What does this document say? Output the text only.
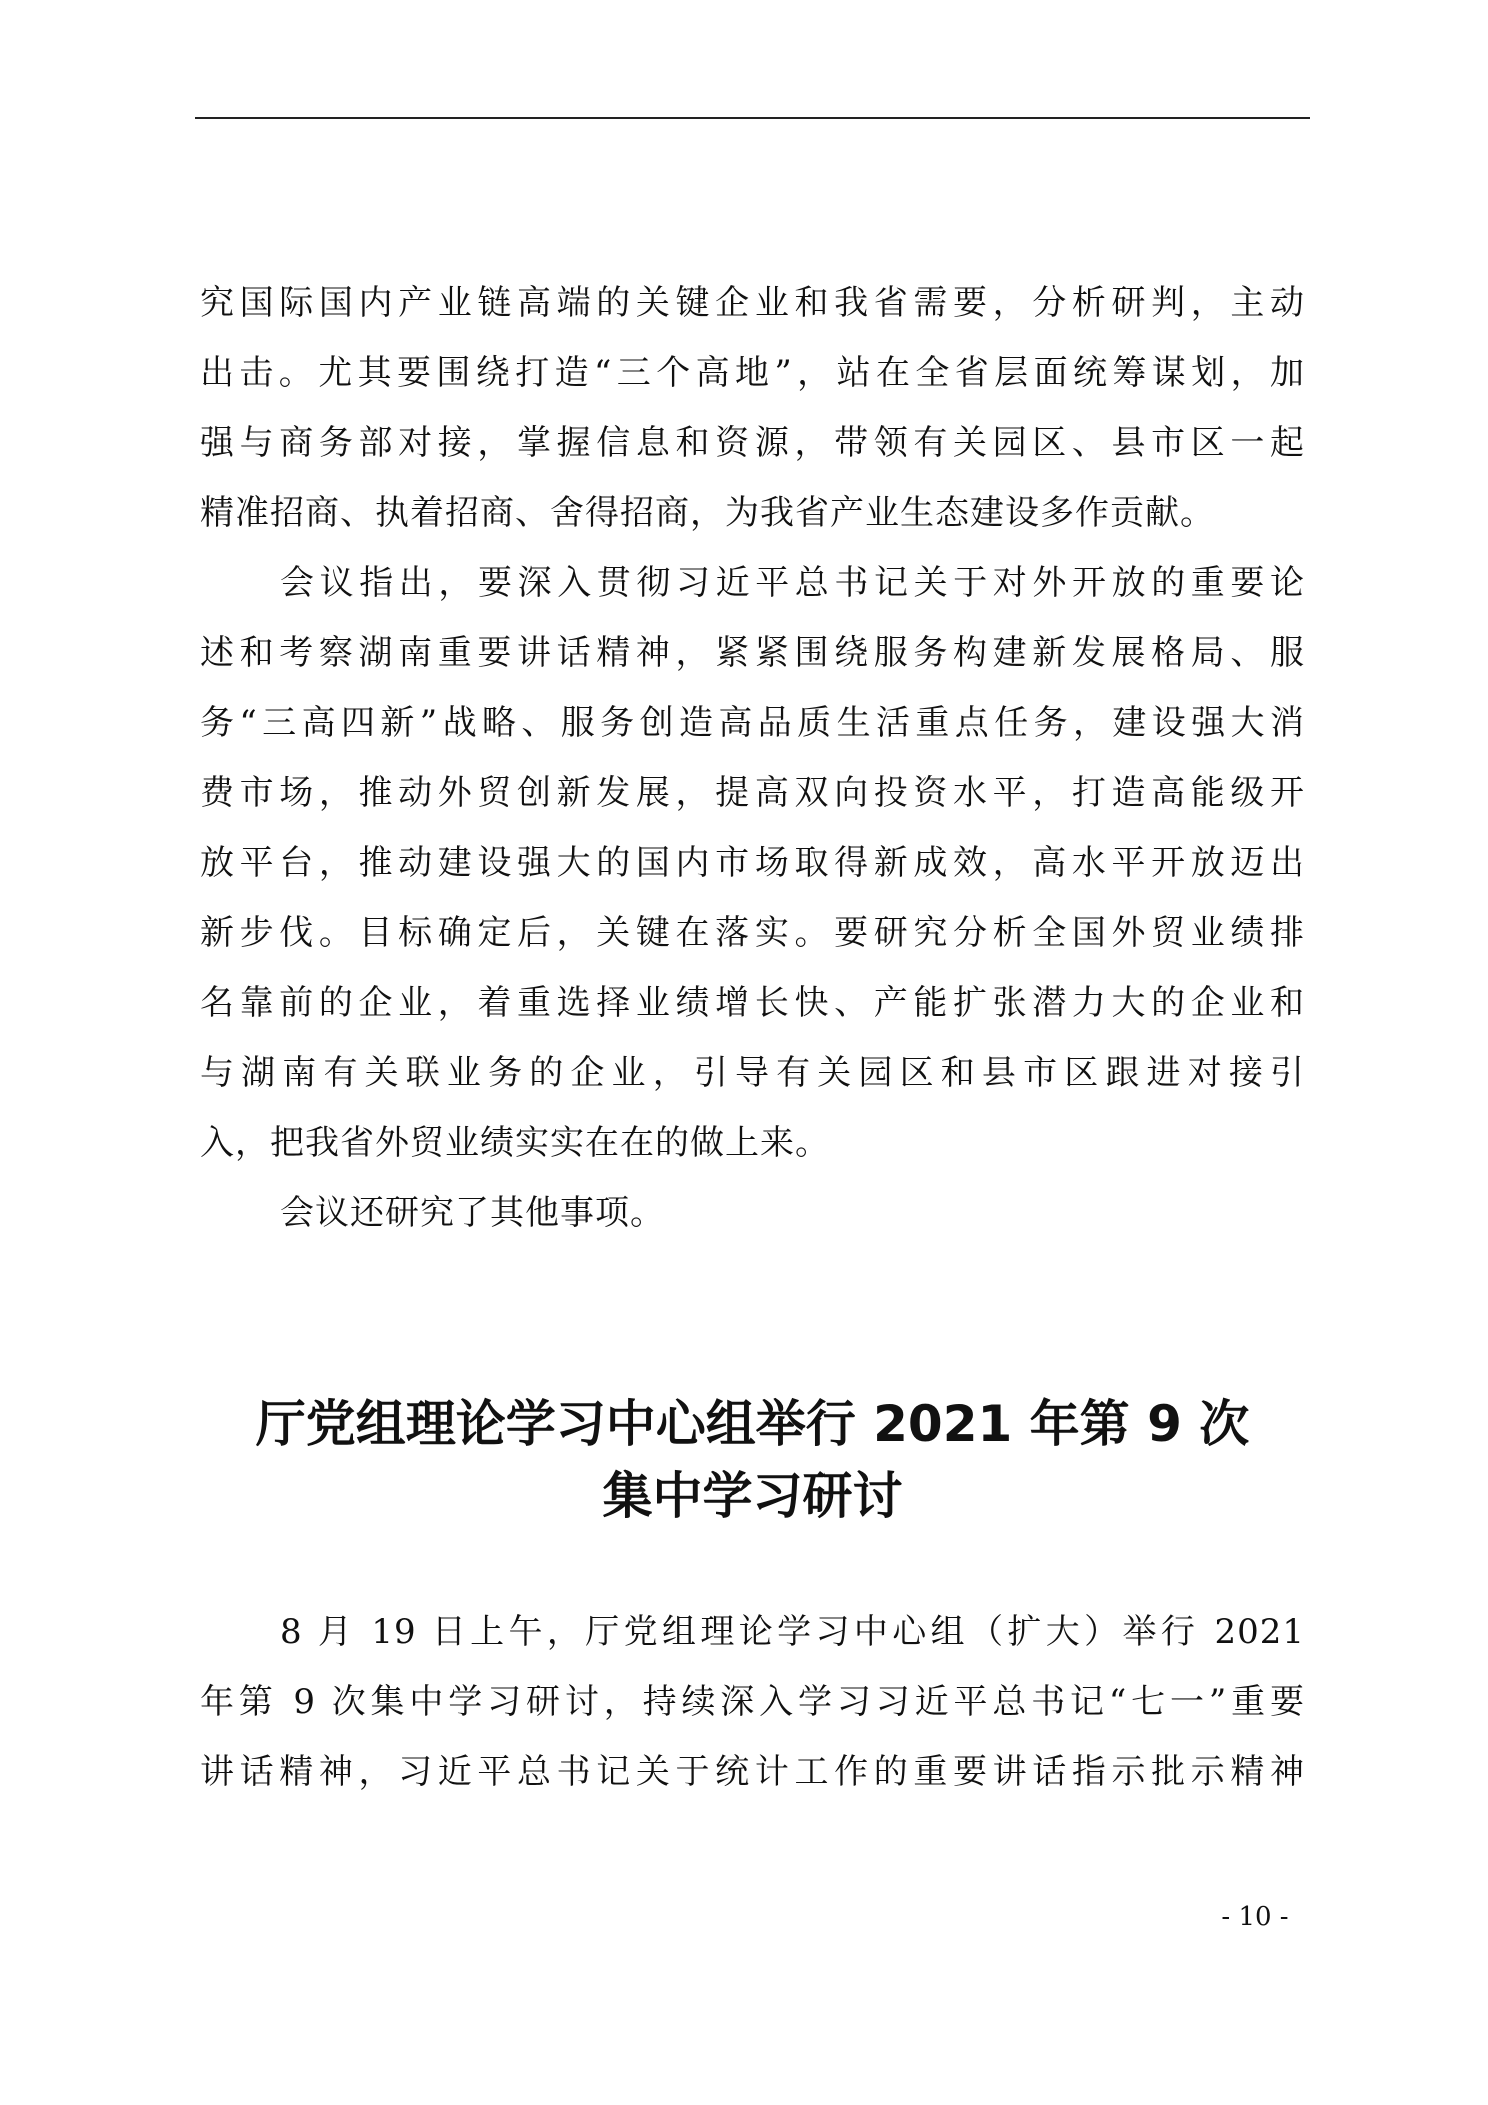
究国际国内产业链高端的关键企业和我省需要，分析研判，主动
出击。尤其要围绕打造“三个高地”，站在全省层面统筹谋划，加
强与商务部对接，掌握信息和资源，带领有关园区、县市区一起
精准招商、执着招商、舍得招商，为我省产业生态建设多作贡献。
会议指出，要深入贯彻习近平总书记关于对外开放的重要论
述和考察湖南重要讲话精神，紧紧围绕服务构建新发展格局、服
务“三高四新”战略、服务创造高品质生活重点任务，建设强大消
费市场，推动外贸创新发展，提高双向投资水平，打造高能级开
放平台，推动建设强大的国内市场取得新成效，高水平开放迈出
新步伐。目标确定后，关键在落实。要研究分析全国外贸业绩排
名靠前的企业，着重选择业绩增长快、产能扩张潜力大的企业和
与湖南有关联业务的企业，引导有关园区和县市区跟进对接引
入，把我省外贸业绩实实在在的做上来。
会议还研究了其他事项。
厅党组理论学习中心组举行 2021 年第 9 次
集中学习研讨
8 月 19 日上午，厅党组理论学习中心组（扩大）举行 2021
年第 9 次集中学习研讨，持续深入学习习近平总书记“七一”重要
讲话精神，习近平总书记关于统计工作的重要讲话指示批示精神
- 10 -
